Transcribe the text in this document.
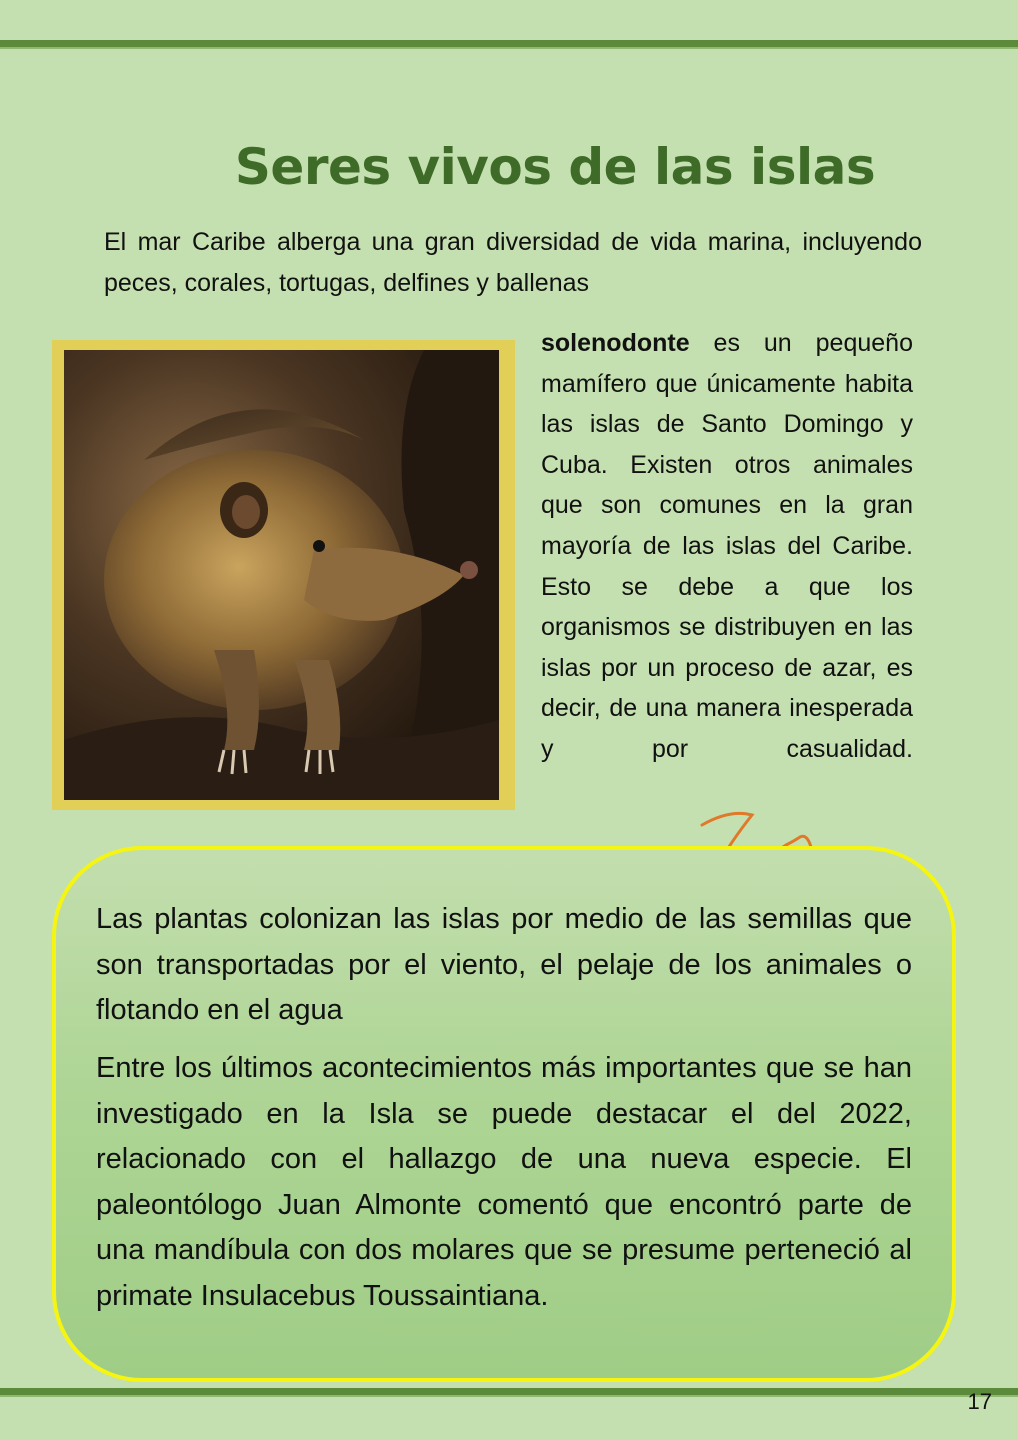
Seres vivos de las islas

El mar Caribe alberga una gran diversidad de vida marina, incluyendo peces, corales, tortugas, delfines y ballenas

solenodonte es un pequeño mamífero que únicamente habita las islas de Santo Domingo y Cuba. Existen otros animales que son comunes en la gran mayoría de las islas del Caribe. Esto se debe a que los organismos se distribuyen en las islas por un proceso de azar, es decir, de una manera inesperada y por casualidad.

Las plantas colonizan las islas por medio de las semillas que son transportadas por el viento, el pelaje de los animales o flotando en el agua

Entre los últimos acontecimientos más importantes que se han investigado en la Isla se puede destacar el del 2022, relacionado con el hallazgo de una nueva especie. El paleontólogo Juan Almonte comentó que encontró parte de una mandíbula con dos molares que se presume perteneció al primate Insulacebus Toussaintiana.

17
